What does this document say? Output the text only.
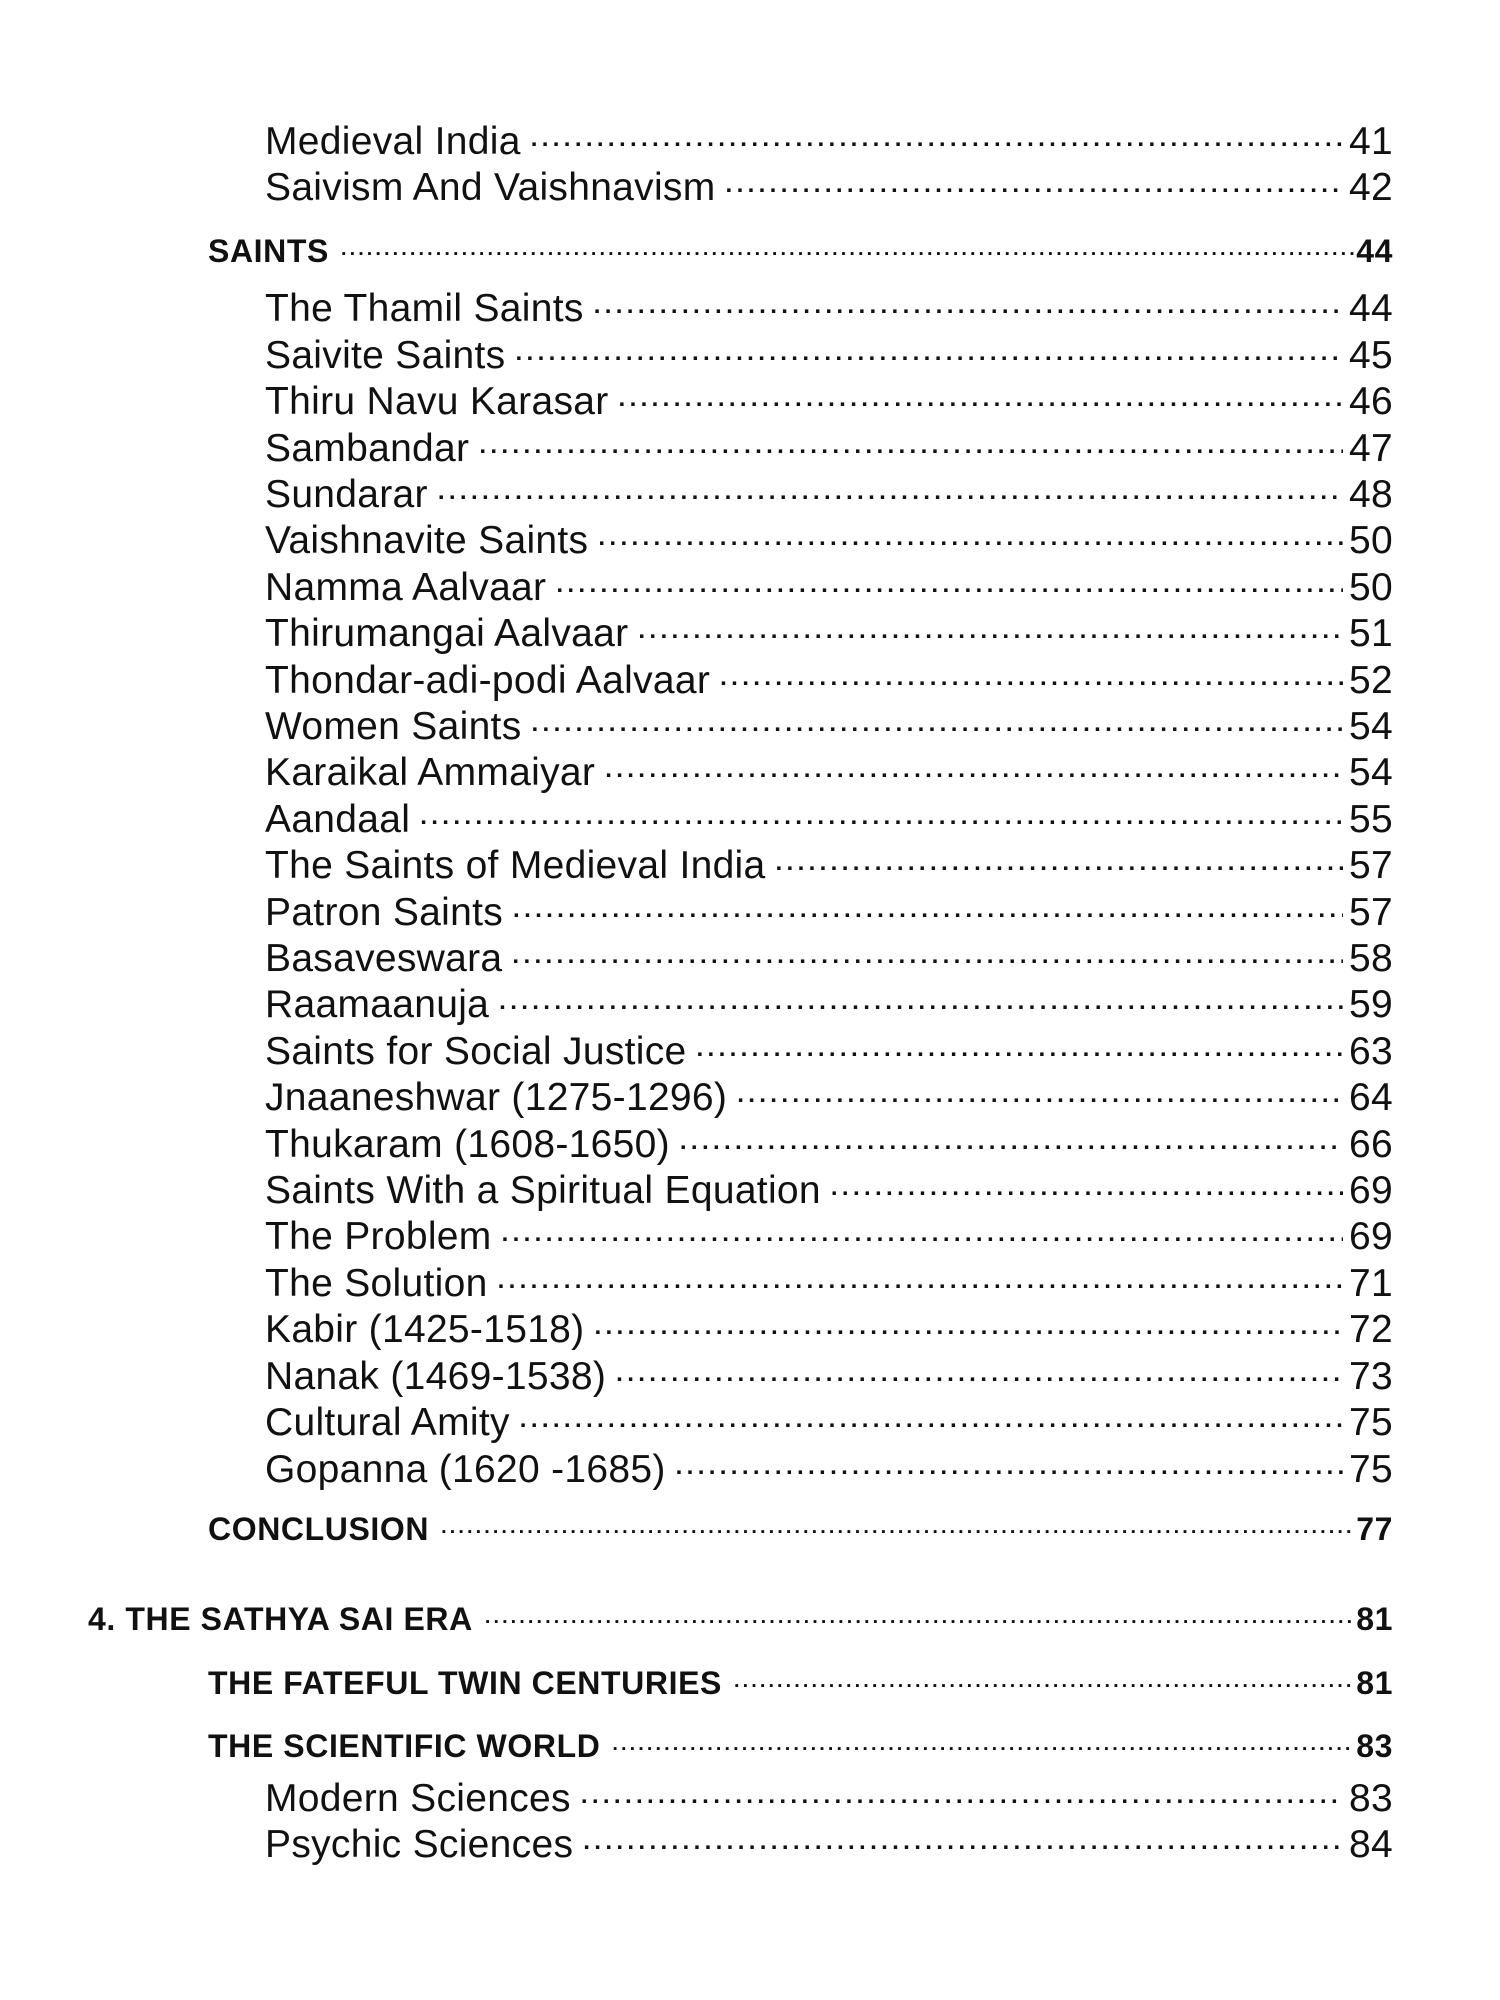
Medieval India . . .	41
Saivism And Vaishnavism . . .	42
SAINTS . . .	44
The Thamil Saints . . .	44
Saivite Saints . . .	45
Thiru Navu Karasar . . .	46
Sambandar . . .	47
Sundarar . . .	48
Vaishnavite Saints . . .	50
Namma Aalvaar . . .	50
Thirumangai Aalvaar . . .	51
Thondar-adi-podi Aalvaar . . .	52
Women Saints . . .	54
Karaikal Ammaiyar . . .	54
Aandaal . . .	55
The Saints of Medieval India . . .	57
Patron Saints . . .	57
Basaveswara . . .	58
Raamaanuja . . .	59
Saints for Social Justice . . .	63
Jnaaneshwar (1275-1296) . . .	64
Thukaram (1608-1650) . . .	66
Saints With a Spiritual Equation . . .	69
The Problem . . .	69
The Solution . . .	71
Kabir (1425-1518) . . .	72
Nanak (1469-1538) . . .	73
Cultural Amity . . .	75
Gopanna (1620 -1685) . . .	75
CONCLUSION . . .	77
4. THE SATHYA SAI ERA . . .	81
THE FATEFUL TWIN CENTURIES . . .	81
THE SCIENTIFIC WORLD . . .	83
Modern Sciences . . .	83
Psychic Sciences . . .	84
